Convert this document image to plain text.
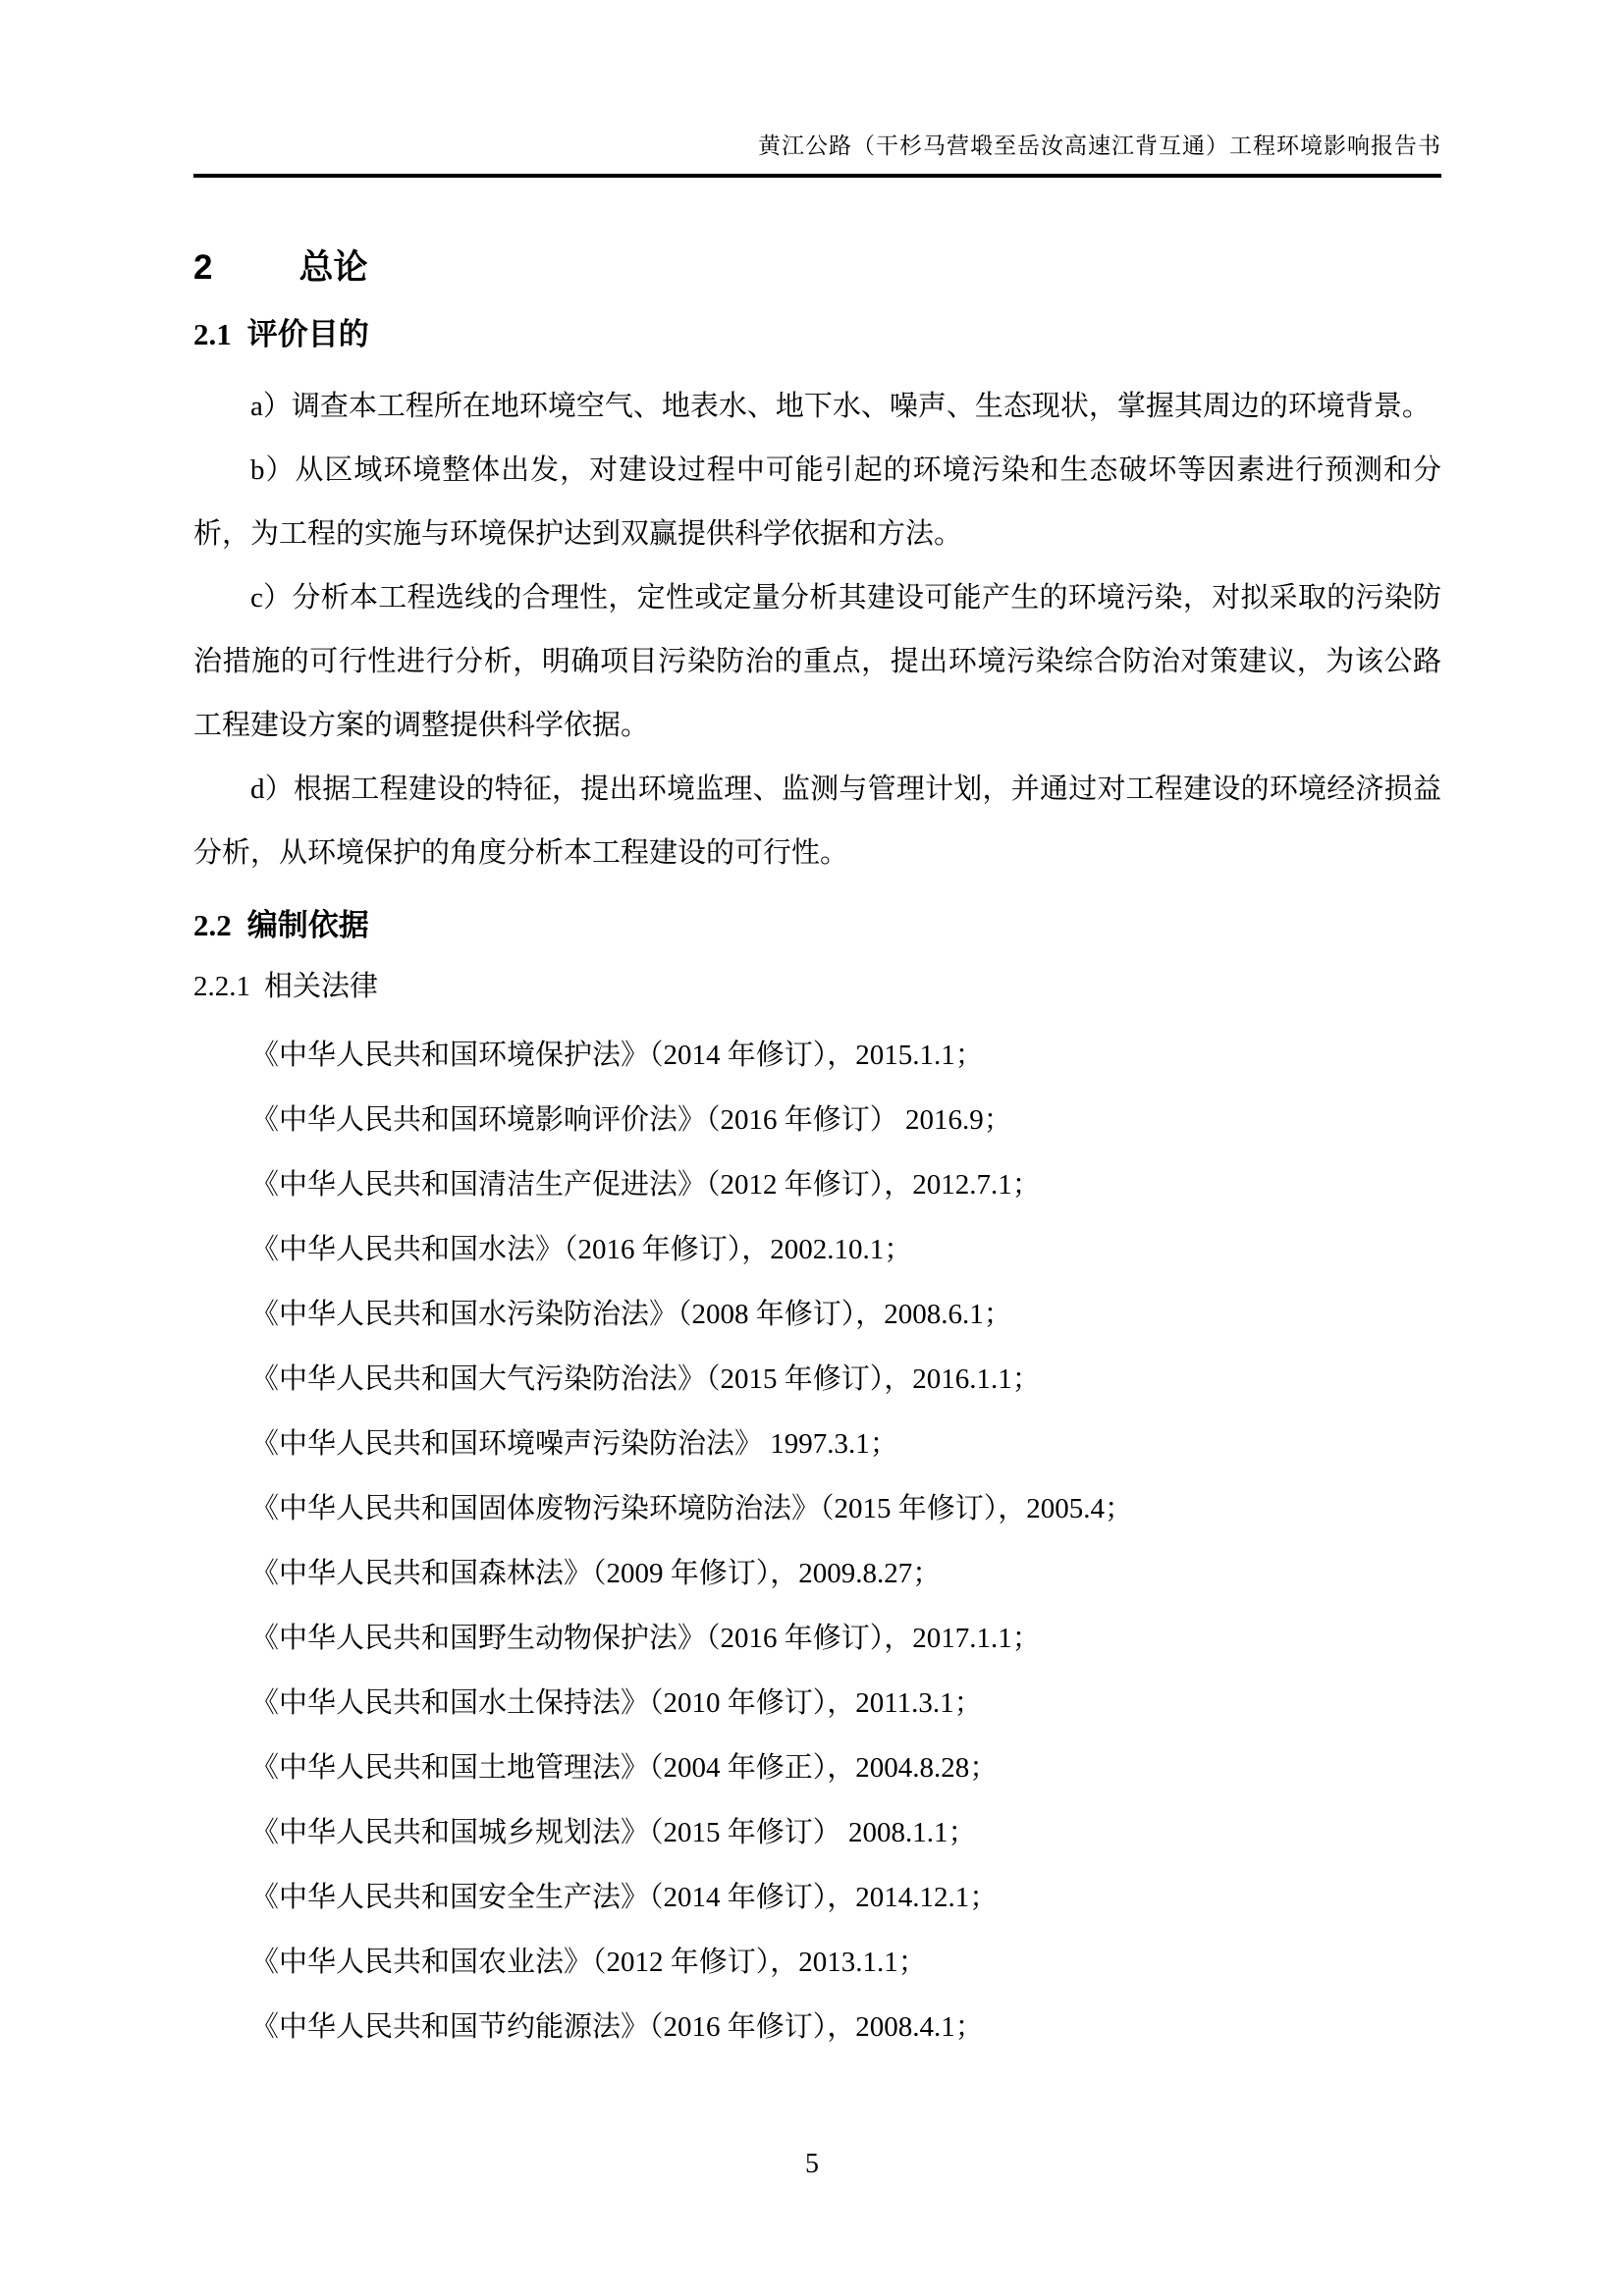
黄江公路（干杉马营塅至岳汝高速江背互通）工程环境影响报告书
2	总论
2.1 评价目的

a）调查本工程所在地环境空气、地表水、地下水、噪声、生态现状，掌握其周边的环境背景。

b）从区域环境整体出发，对建设过程中可能引起的环境污染和生态破坏等因素进行预测和分析，为工程的实施与环境保护达到双赢提供科学依据和方法。

c）分析本工程选线的合理性，定性或定量分析其建设可能产生的环境污染，对拟采取的污染防治措施的可行性进行分析，明确项目污染防治的重点，提出环境污染综合防治对策建议，为该公路工程建设方案的调整提供科学依据。

d）根据工程建设的特征，提出环境监理、监测与管理计划，并通过对工程建设的环境经济损益分析，从环境保护的角度分析本工程建设的可行性。

2.2 编制依据
2.2.1 相关法律

《中华人民共和国环境保护法》（2014 年修订），2015.1.1；

《中华人民共和国环境影响评价法》（2016 年修订） 2016.9；

《中华人民共和国清洁生产促进法》（2012 年修订），2012.7.1；

《中华人民共和国水法》（2016 年修订），2002.10.1；

《中华人民共和国水污染防治法》（2008 年修订），2008.6.1；

《中华人民共和国大气污染防治法》（2015 年修订），2016.1.1；

《中华人民共和国环境噪声污染防治法》 1997.3.1；

《中华人民共和国固体废物污染环境防治法》（2015 年修订），2005.4；

《中华人民共和国森林法》（2009 年修订），2009.8.27；

《中华人民共和国野生动物保护法》（2016 年修订），2017.1.1；

《中华人民共和国水土保持法》（2010 年修订），2011.3.1；

《中华人民共和国土地管理法》（2004 年修正），2004.8.28；

《中华人民共和国城乡规划法》（2015 年修订） 2008.1.1；

《中华人民共和国安全生产法》（2014 年修订），2014.12.1；

《中华人民共和国农业法》（2012 年修订），2013.1.1；

《中华人民共和国节约能源法》（2016 年修订），2008.4.1；

5
